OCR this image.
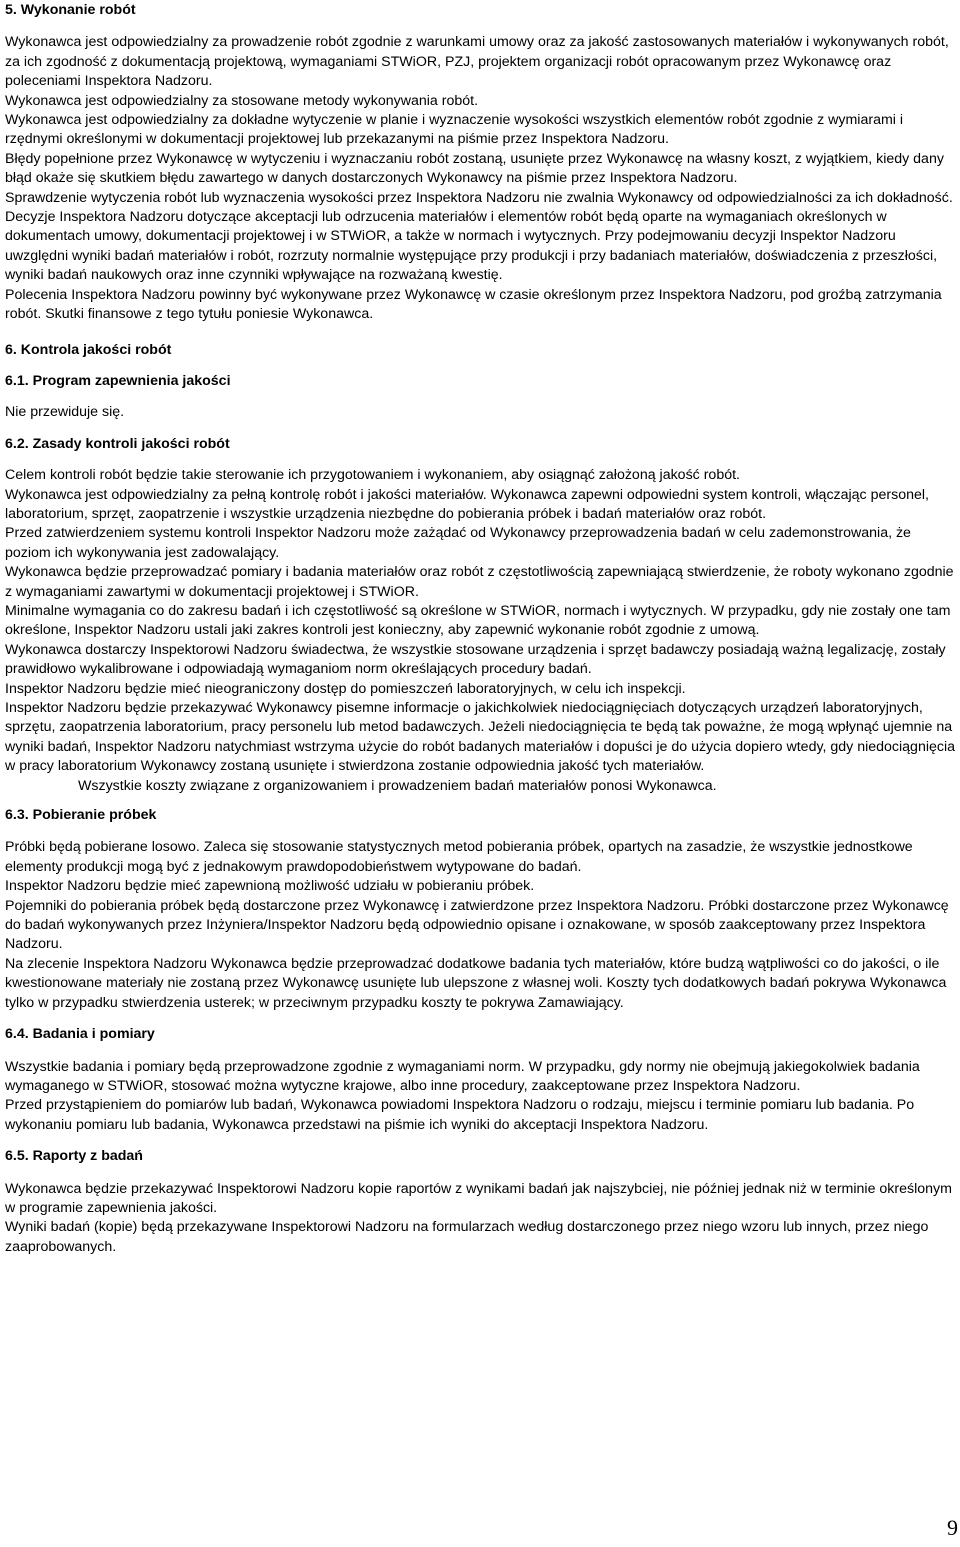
5. Wykonanie robót

Wykonawca jest odpowiedzialny za prowadzenie robót zgodnie z warunkami umowy oraz za jakość zastosowanych materiałów i wykonywanych robót, za ich zgodność z dokumentacją projektową, wymaganiami STWiOR, PZJ, projektem organizacji robót opracowanym przez Wykonawcę oraz poleceniami Inspektora Nadzoru.

Wykonawca jest odpowiedzialny za stosowane metody wykonywania robót.

Wykonawca jest odpowiedzialny za dokładne wytyczenie w planie i wyznaczenie wysokości wszystkich elementów robót zgodnie z wymiarami i rzędnymi określonymi w dokumentacji projektowej lub przekazanymi na piśmie przez Inspektora Nadzoru.

Błędy popełnione przez Wykonawcę w wytyczeniu i wyznaczaniu robót zostaną, usunięte przez Wykonawcę na własny koszt, z wyjątkiem, kiedy dany błąd okaże się skutkiem błędu zawartego w danych dostarczonych Wykonawcy na piśmie przez Inspektora Nadzoru.

Sprawdzenie wytyczenia robót lub wyznaczenia wysokości przez Inspektora Nadzoru nie zwalnia Wykonawcy od odpowiedzialności za ich dokładność.

Decyzje Inspektora Nadzoru dotyczące akceptacji lub odrzucenia materiałów i elementów robót będą oparte na wymaganiach określonych w dokumentach umowy, dokumentacji projektowej i w STWiOR, a także w normach i wytycznych. Przy podejmowaniu decyzji Inspektor Nadzoru uwzględni wyniki badań materiałów i robót, rozrzuty normalnie występujące przy produkcji i przy badaniach materiałów, doświadczenia z przeszłości, wyniki badań naukowych oraz inne czynniki wpływające na rozważaną kwestię.

Polecenia Inspektora Nadzoru powinny być wykonywane przez Wykonawcę w czasie określonym przez Inspektora Nadzoru, pod groźbą zatrzymania robót. Skutki finansowe z tego tytułu poniesie Wykonawca.

6. Kontrola jakości robót

6.1. Program zapewnienia jakości

Nie przewiduje się.

6.2. Zasady kontroli jakości robót

Celem kontroli robót będzie takie sterowanie ich przygotowaniem i wykonaniem, aby osiągnąć założoną jakość robót.

Wykonawca jest odpowiedzialny za pełną kontrolę robót i jakości materiałów. Wykonawca zapewni odpowiedni system kontroli, włączając personel, laboratorium, sprzęt, zaopatrzenie i wszystkie urządzenia niezbędne do pobierania próbek i badań materiałów oraz robót.

Przed zatwierdzeniem systemu kontroli Inspektor Nadzoru może zażądać od Wykonawcy przeprowadzenia badań w celu zademonstrowania, że poziom ich wykonywania jest zadowalający.

Wykonawca będzie przeprowadzać pomiary i badania materiałów oraz robót z częstotliwością zapewniającą stwierdzenie, że roboty wykonano zgodnie z wymaganiami zawartymi w dokumentacji projektowej i STWiOR.

Minimalne wymagania co do zakresu badań i ich częstotliwość są określone w STWiOR, normach i wytycznych. W przypadku, gdy nie zostały one tam określone, Inspektor Nadzoru ustali jaki zakres kontroli jest konieczny, aby zapewnić wykonanie robót zgodnie z umową.

Wykonawca dostarczy Inspektorowi Nadzoru świadectwa, że wszystkie stosowane urządzenia i sprzęt badawczy posiadają ważną legalizację, zostały prawidłowo wykalibrowane i odpowiadają wymaganiom norm określających procedury badań.

Inspektor Nadzoru będzie mieć nieograniczony dostęp do pomieszczeń laboratoryjnych, w celu ich inspekcji.

Inspektor Nadzoru będzie przekazywać Wykonawcy pisemne informacje o jakichkolwiek niedociągnięciach dotyczących urządzeń laboratoryjnych, sprzętu, zaopatrzenia laboratorium, pracy personelu lub metod badawczych. Jeżeli niedociągnięcia te będą tak poważne, że mogą wpłynąć ujemnie na wyniki badań, Inspektor Nadzoru natychmiast wstrzyma użycie do robót badanych materiałów i dopuści je do użycia dopiero wtedy, gdy niedociągnięcia w pracy laboratorium Wykonawcy zostaną usunięte i stwierdzona zostanie odpowiednia jakość tych materiałów.

Wszystkie koszty związane z organizowaniem i prowadzeniem badań materiałów ponosi Wykonawca.

6.3. Pobieranie próbek

Próbki będą pobierane losowo. Zaleca się stosowanie statystycznych metod pobierania próbek, opartych na zasadzie, że wszystkie jednostkowe elementy produkcji mogą być z jednakowym prawdopodobieństwem wytypowane do badań.

Inspektor Nadzoru będzie mieć zapewnioną możliwość udziału w pobieraniu próbek.

Pojemniki do pobierania próbek będą dostarczone przez Wykonawcę i zatwierdzone przez Inspektora Nadzoru. Próbki dostarczone przez Wykonawcę do badań wykonywanych przez Inżyniera/Inspektor Nadzoru będą odpowiednio opisane i oznakowane, w sposób zaakceptowany przez Inspektora Nadzoru.

Na zlecenie Inspektora Nadzoru Wykonawca będzie przeprowadzać dodatkowe badania tych materiałów, które budzą wątpliwości co do jakości, o ile kwestionowane materiały nie zostaną przez Wykonawcę usunięte lub ulepszone z własnej woli. Koszty tych dodatkowych badań pokrywa Wykonawca tylko w przypadku stwierdzenia usterek; w przeciwnym przypadku koszty te pokrywa Zamawiający.

6.4. Badania i pomiary

Wszystkie badania i pomiary będą przeprowadzone zgodnie z wymaganiami norm. W przypadku, gdy normy nie obejmują jakiegokolwiek badania wymaganego w STWiOR, stosować można wytyczne krajowe, albo inne procedury, zaakceptowane przez Inspektora Nadzoru.

Przed przystąpieniem do pomiarów lub badań, Wykonawca powiadomi Inspektora Nadzoru o rodzaju, miejscu i terminie pomiaru lub badania. Po wykonaniu pomiaru lub badania, Wykonawca przedstawi na piśmie ich wyniki do akceptacji Inspektora Nadzoru.

6.5. Raporty z badań

Wykonawca będzie przekazywać Inspektorowi Nadzoru kopie raportów z wynikami badań jak najszybciej, nie później jednak niż w terminie określonym w programie zapewnienia jakości.

Wyniki badań (kopie) będą przekazywane Inspektorowi Nadzoru na formularzach według dostarczonego przez niego wzoru lub innych, przez niego zaaprobowanych.

9
